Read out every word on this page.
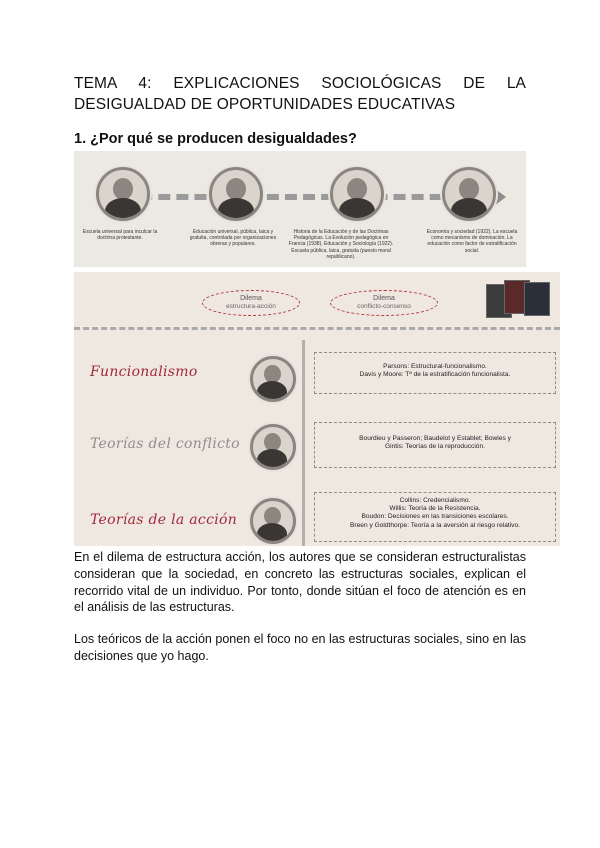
TEMA 4: EXPLICACIONES SOCIOLÓGICAS DE LA
DESIGUALDAD DE OPORTUNIDADES EDUCATIVAS
1. ¿Por qué se producen desigualdades?
Escuela universal para inculcar la doctrina protestante.
Educación universal, pública, laica y gratuita, controlada por organizaciones obreras y populares.
Historia de la Educación y de las Doctrinas Pedagógicas. La Evolución pedagógica en Francia (1938). Educación y Sociología (1922). Escuela pública, laica, gratuita (puesto moral republicano).
Economía y sociedad (1922). La escuela como mecanismo de dominación. La educación como factor de estratificación social.
Dilema
estructura-acción
Dilema
conflicto-consenso
Funcionalismo	Parsons: Estructural-funcionalismo.
Davis y Moore: Tª de la estratificación funcionalista.
Teorías del conflicto	Bourdieu y Passeron; Baudelot y Establet; Bowles y
Gintis: Teorías de la reproducción.
Teorías de la acción
Collins: Credencialismo.
Willis: Teoría de la Resistencia.
Boudon: Decisiones en las transiciones escolares.
Breen y Goldthorpe: Teoría a la aversión al riesgo relativo.
En el dilema de estructura acción, los autores que se consideran estructuralistas consideran que la sociedad, en concreto las estructuras sociales, explican el recorrido vital de un individuo. Por tonto, donde sitúan el foco de atención es en el análisis de las estructuras.
Los teóricos de la acción ponen el foco no en las estructuras sociales, sino en las decisiones que yo hago.
